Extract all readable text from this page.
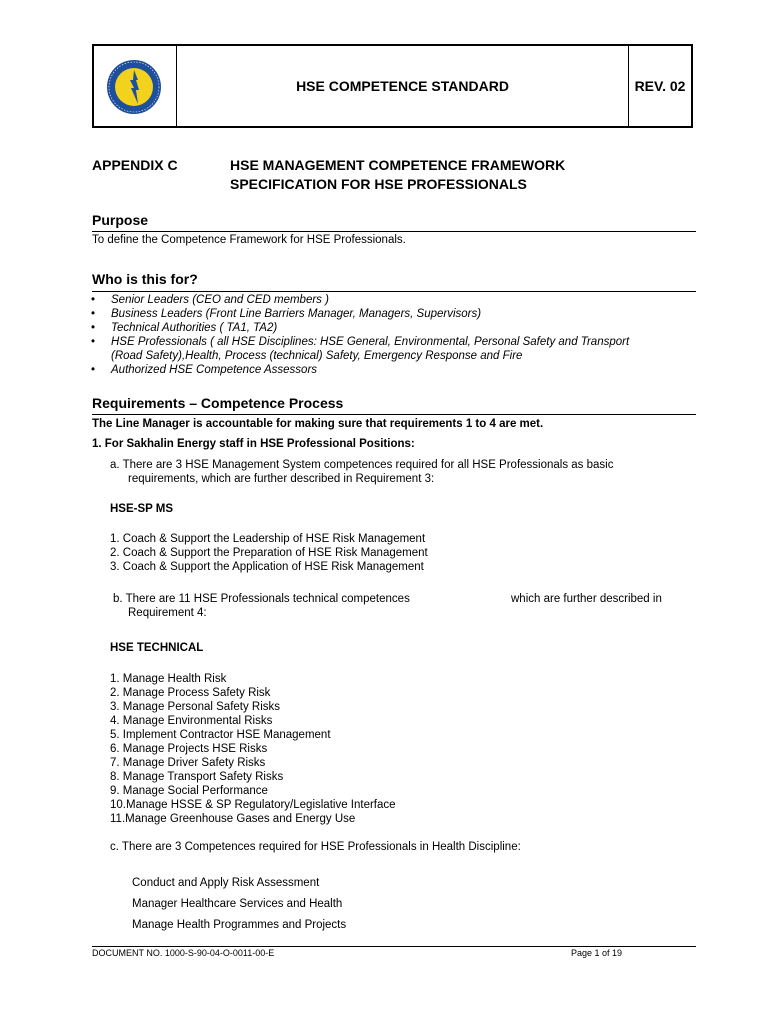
HSE COMPETENCE STANDARD	REV. 02
APPENDIX C	HSE MANAGEMENT COMPETENCE FRAMEWORK
SPECIFICATION FOR HSE PROFESSIONALS
Purpose
To define the Competence Framework for HSE Professionals.
Who is this for?
• Senior Leaders (CEO and CED members )
• Business Leaders (Front Line Barriers Manager, Managers, Supervisors)
• Technical Authorities ( TA1, TA2)
• HSE Professionals ( all HSE Disciplines: HSE General, Environmental, Personal Safety and Transport
(Road Safety),Health, Process (technical) Safety, Emergency Response and Fire
• Authorized HSE Competence Assessors
Requirements – Competence Process
The Line Manager is accountable for making sure that requirements 1 to 4 are met.
1. For Sakhalin Energy staff in HSE Professional Positions:
a. There are 3 HSE Management System competences required for all HSE Professionals as basic
requirements, which are further described in Requirement 3:
HSE-SP MS
1. Coach & Support the Leadership of HSE Risk Management
2. Coach & Support the Preparation of HSE Risk Management
3. Coach & Support the Application of HSE Risk Management
b. There are 11 HSE Professionals technical competences	which are further described in
Requirement 4:
HSE TECHNICAL
1. Manage Health Risk
2. Manage Process Safety Risk
3. Manage Personal Safety Risks
4. Manage Environmental Risks
5. Implement Contractor HSE Management
6. Manage Projects HSE Risks
7. Manage Driver Safety Risks
8. Manage Transport Safety Risks
9. Manage Social Performance
10.Manage HSSE & SP Regulatory/Legislative Interface
11.Manage Greenhouse Gases and Energy Use
c. There are 3 Competences required for HSE Professionals in Health Discipline:
Conduct and Apply Risk Assessment
Manager Healthcare Services and Health
Manage Health Programmes and Projects
DOCUMENT NO. 1000-S-90-04-O-0011-00-E	Page 1 of 19
